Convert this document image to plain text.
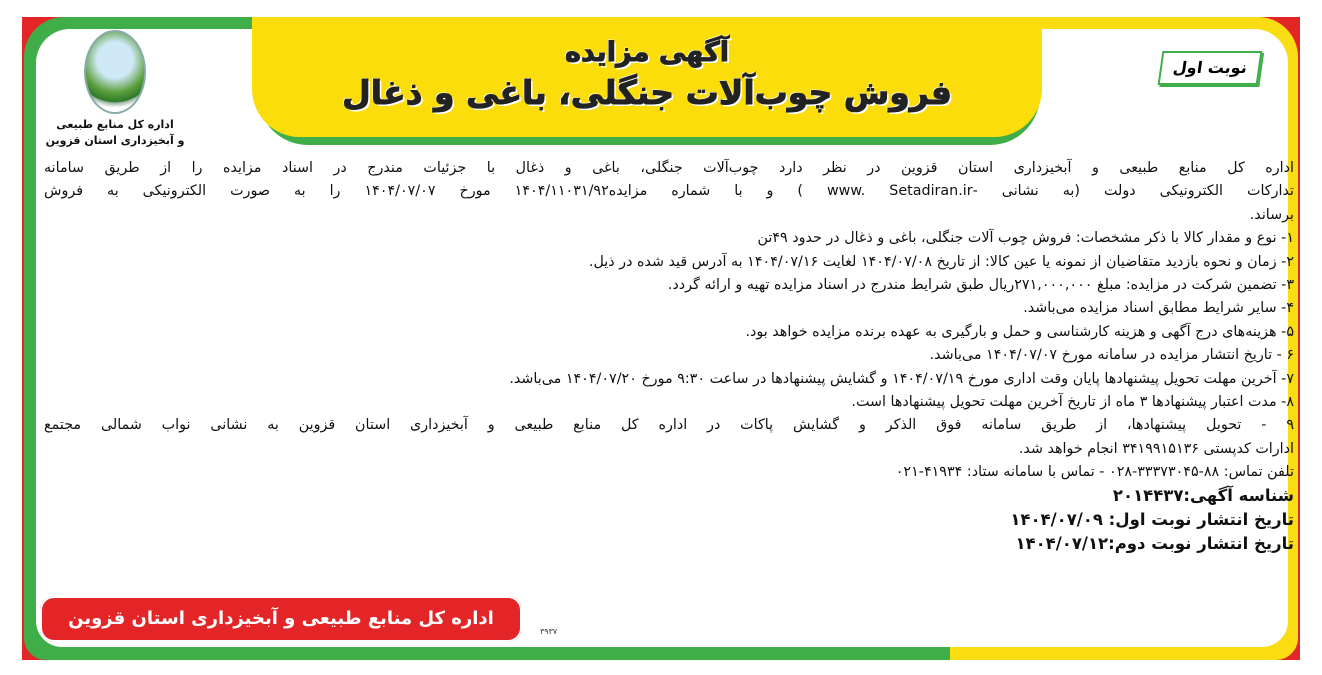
آگهی مزایده
فروش چوب‌آلات جنگلی، باغی و ذغال
اداره کل منابع طبیعی
و آبخیزداری استان قزوین
نوبت اول
اداره کل منابع طبیعی و آبخیزداری استان قزوین در نظر دارد چوب‌آلات جنگلی، باغی و ذغال با جزئیات مندرج در اسناد مزایده را از طریق سامانه
تدارکات الکترونیکی دولت (به نشانی -www. Setadiran.ir ) و با شماره مزایده۱۴۰۴/۱۱۰۳۱/۹۲ مورخ ۱۴۰۴/۰۷/۰۷ را به صورت الکترونیکی به فروش
برساند.
۱- نوع و مقدار کالا با ذکر مشخصات: فروش چوب آلات جنگلی، باغی و ذغال در حدود ۴۹تن
۲- زمان و نحوه بازدید متقاضیان از نمونه یا عین کالا: از تاریخ ۱۴۰۴/۰۷/۰۸ لغایت ۱۴۰۴/۰۷/۱۶ به آدرس قید شده در ذیل.
۳- تضمین شرکت در مزایده: مبلغ ۲۷۱,۰۰۰,۰۰۰ریال طبق شرایط مندرج در اسناد مزایده تهیه و ارائه گردد.
۴- سایر شرایط مطابق اسناد مزایده می‌باشد.
۵- هزینه‌های درج آگهی و هزینه کارشناسی و حمل و بارگیری به عهده برنده مزایده خواهد بود.
۶ - تاریخ انتشار مزایده در سامانه مورخ ۱۴۰۴/۰۷/۰۷ می‌باشد.
۷- آخرین مهلت تحویل پیشنهادها پایان وقت اداری مورخ ۱۴۰۴/۰۷/۱۹ و گشایش پیشنهادها در ساعت ۹:۳۰ مورخ ۱۴۰۴/۰۷/۲۰ می‌باشد.
۸- مدت اعتبار پیشنهادها ۳ ماه از تاریخ آخرین مهلت تحویل پیشنهادها است.
۹ - تحویل پیشنهادها، از طریق سامانه فوق الذکر و گشایش پاکات در اداره کل منابع طبیعی و آبخیزداری استان قزوین به نشانی نواب شمالی مجتمع
ادارات کدپستی ۳۴۱۹۹۱۵۱۳۶ انجام خواهد شد.
تلفن تماس: ۸۸-۳۳۳۷۳۰۴۵-۰۲۸ - تماس با سامانه ستاد: ۴۱۹۳۴-۰۲۱
شناسه آگهی:۲۰۱۴۴۳۷
تاریخ انتشار نوبت اول: ۱۴۰۴/۰۷/۰۹
تاریخ انتشار نوبت دوم:۱۴۰۴/۰۷/۱۲
اداره کل منابع طبیعی و آبخیزداری استان قزوین
۳۹۳۷
